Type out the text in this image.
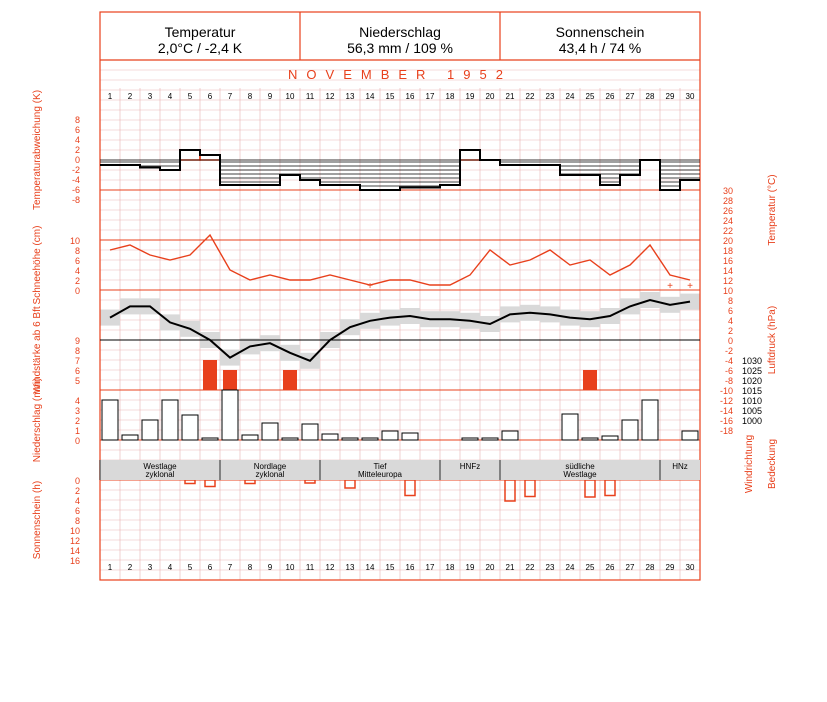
Temperatur
2,0°C / -2,4 K
Niederschlag
56,3 mm / 109 %
Sonnenschein
43,4 h / 74 %
NOVEMBER 1952
Temperaturabweichung (K)
Schneehöhe (cm)
Windstärke ab 6 Bft
Niederschlag (mm)
Sonnenschein (h)
Temperatur (°C)
Luftdruck (hPa)
Windrichtung Bedeckung
8
6
4
2
0
-2
-4
-6
-8
10
8
6
4
2
0
9
8
7
6
5
4
3
2
1
0
0
2
4
6
8
10
12
14
16
30
28
26
24
22
20
18
16
14
12
10
8
6
4
2
0
-2
-4
-6
-8
-10
-12
-14
-16
-18
1030
1025
1020
1015
1010
1005
1000
1
1
2
2
3
3
4
4
5
5
6
6
7
7
8
8
9
9
10
10
11
11
12
12
13
13
14
14
15
15
16
16
17
17
18
18
19
19
20
20
21
21
22
22
23
23
24
24
25
25
26
26
27
27
28
28
29
29
30
30
+	+ +
Westlage
zyklonal
Nordlage
zyklonal
Tief
Mitteleuropa
HNFz	südliche
Westlage
HNz
